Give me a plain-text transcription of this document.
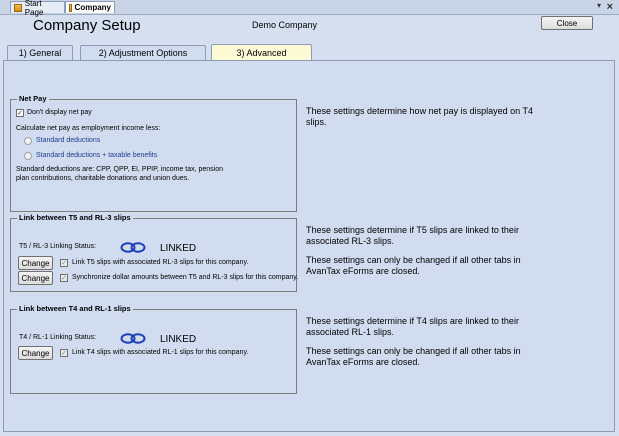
Start Page	Company	▾ ×
Company Setup	Demo Company	Close
1) General	2) Adjustment Options	3) Advanced
Net Pay
✓ Don't display net pay
Calculate net pay as employment income less:
Standard deductions
Standard deductions + taxable benefits
Standard deductions are: CPP, QPP, EI, PPIP, income tax, pension
plan contributions, charitable donations and union dues.
These settings determine how net pay is displayed on T4 slips.
Link between T5 and RL-3 slips
T5 / RL-3 Linking Status:	LINKED
Change	✓ Link T5 slips with associated RL-3 slips for this company.
Change	✓ Synchronize dollar amounts between T5 and RL-3 slips for this company.
These settings determine if T5 slips are linked to their associated RL-3 slips.
These settings can only be changed if all other tabs in AvanTax eForms are closed.
Link between T4 and RL-1 slips
T4 / RL-1 Linking Status:	LINKED
Change	✓ Link T4 slips with associated RL-1 slips for this company.
These settings determine if T4 slips are linked to their associated RL-1 slips.
These settings can only be changed if all other tabs in AvanTax eForms are closed.
